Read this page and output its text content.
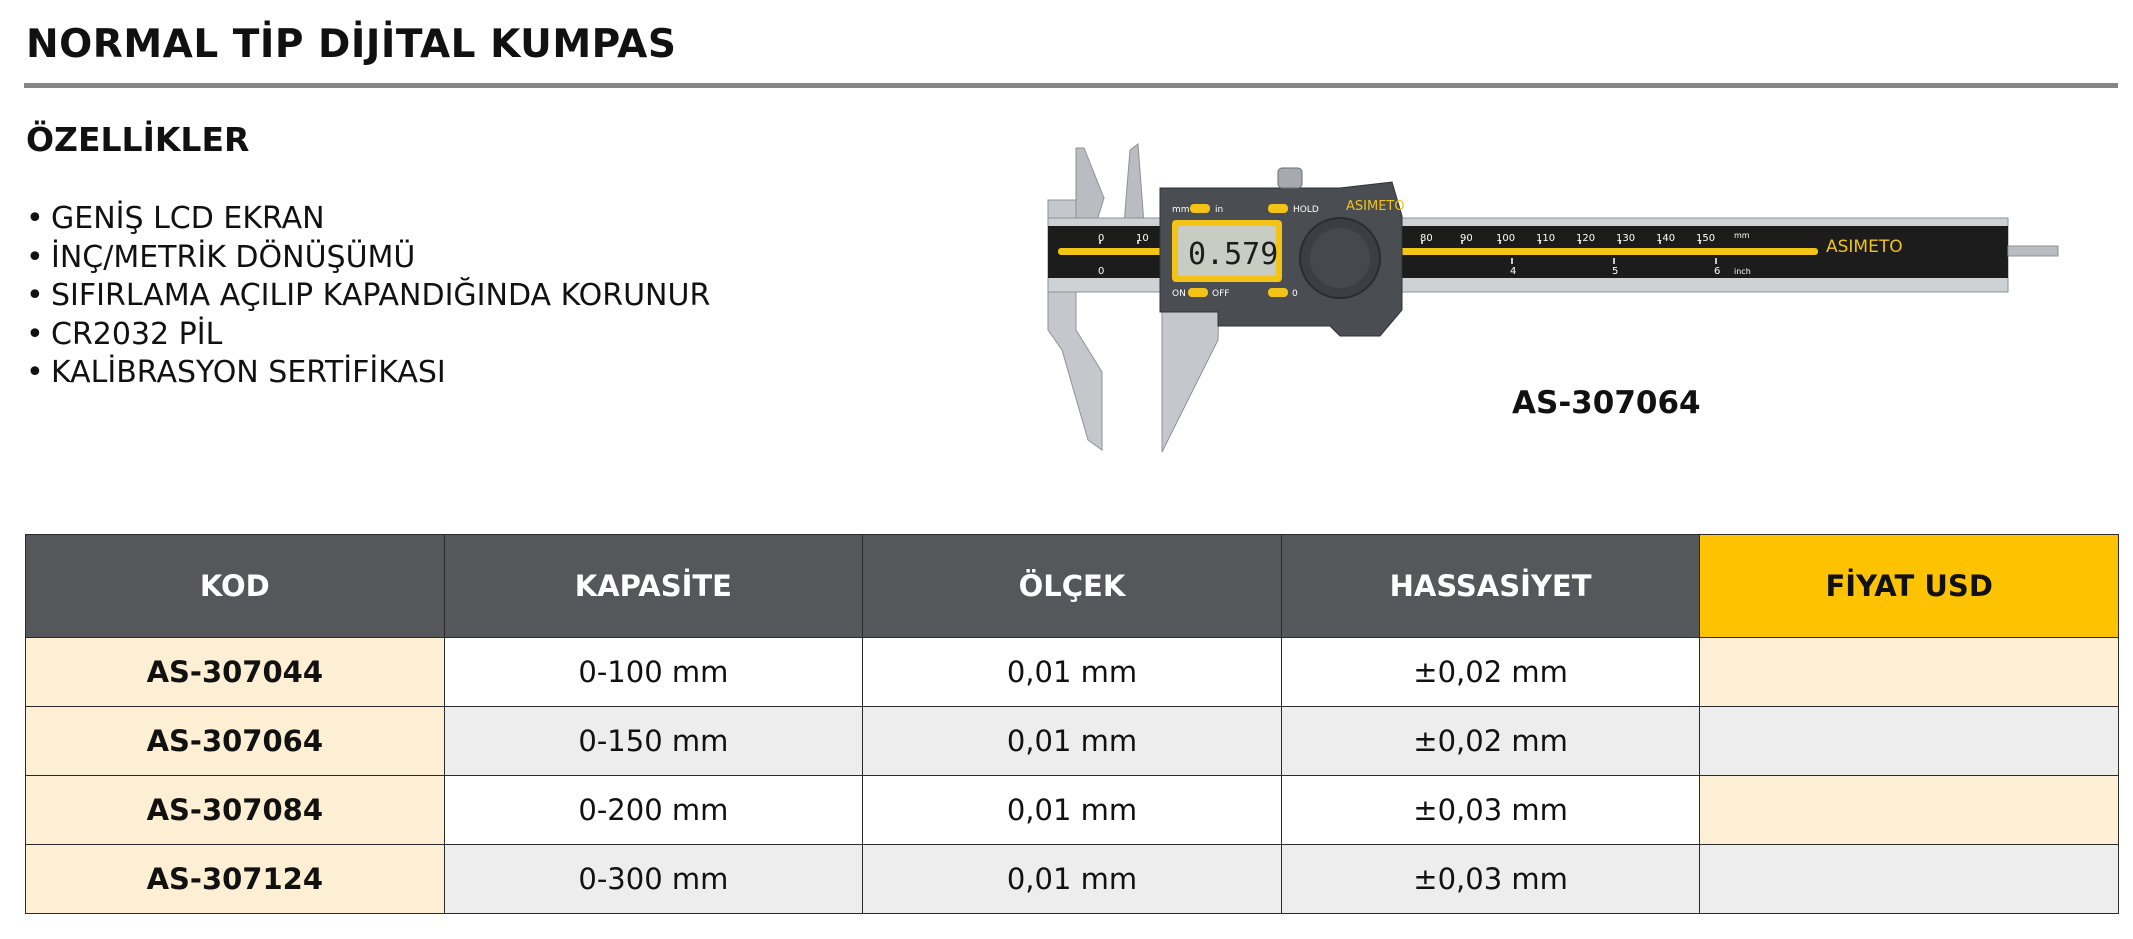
NORMAL TİP DİJİTAL KUMPAS
ÖZELLİKLER
• GENİŞ LCD EKRAN
• İNÇ/METRİK DÖNÜŞÜMÜ
• SIFIRLAMA AÇILIP KAPANDIĞINDA KORUNUR
• CR2032 PİL
• KALİBRASYON SERTİFİKASI
0	10	80	90 100 110 120 130 140 150 mm
0	4	5	6 inch
ASIMETO
0.579
ASIMETO
mm	in	HOLD
ON	OFF	0
AS-307064
KOD	KAPASİTE	ÖLÇEK	HASSASİYET	FİYAT USD
AS-307044	0-100 mm	0,01 mm	±0,02 mm	
AS-307064	0-150 mm	0,01 mm	±0,02 mm	
AS-307084	0-200 mm	0,01 mm	±0,03 mm	
AS-307124	0-300 mm	0,01 mm	±0,03 mm	
